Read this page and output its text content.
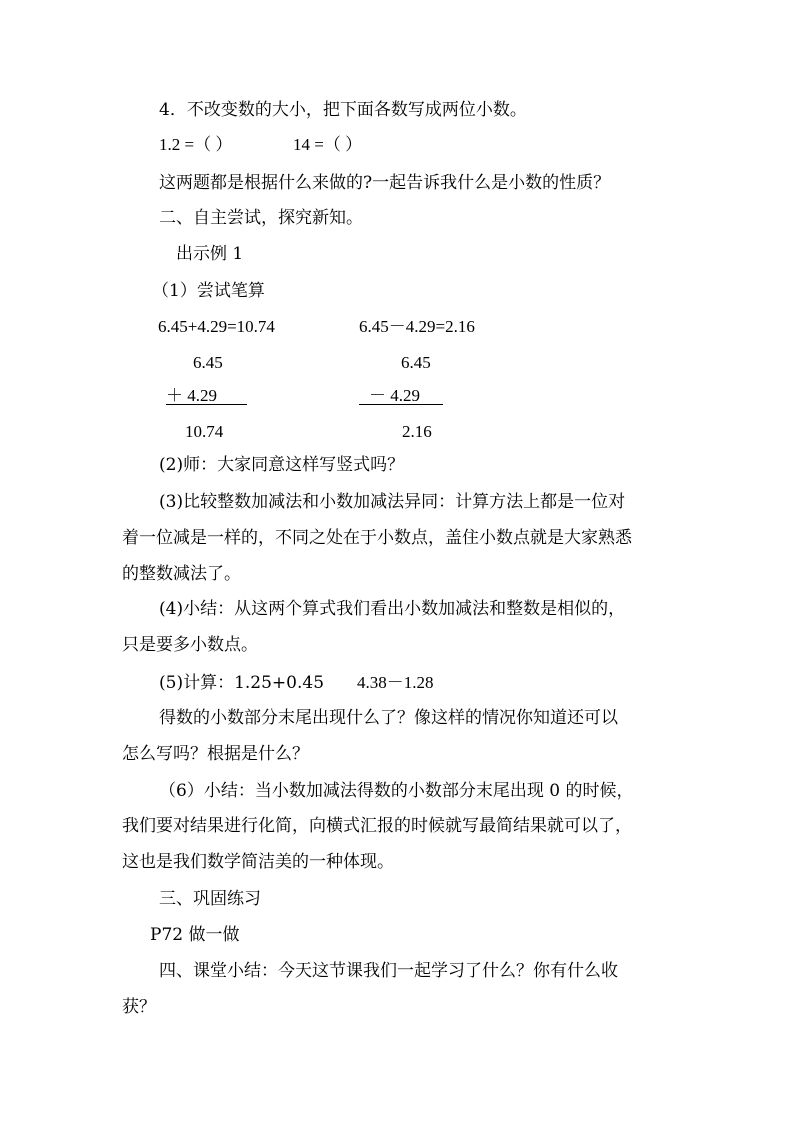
4．不改变数的大小，把下面各数写成两位小数。
1.2 =（ ）	14 =（ ）
这两题都是根据什么来做的?一起告诉我什么是小数的性质？
二、自主尝试，探究新知。
出示例 1
（1）尝试笔算
6.45+4.29=10.74	6.45－4.29=2.16
6.45	6.45
＋ 4.29	－ 4.29
10.74	2.16
(2)师：大家同意这样写竖式吗？
(3)比较整数加减法和小数加减法异同：计算方法上都是一位对
着一位减是一样的，不同之处在于小数点，盖住小数点就是大家熟悉
的整数减法了。
(4)小结：从这两个算式我们看出小数加减法和整数是相似的，
只是要多小数点。
(5)计算：1.25+0.45 4.38－1.28
得数的小数部分末尾出现什么了？像这样的情况你知道还可以
怎么写吗？根据是什么？
（6）小结：当小数加减法得数的小数部分末尾出现 0 的时候，
我们要对结果进行化简，向横式汇报的时候就写最简结果就可以了，
这也是我们数学简洁美的一种体现。
三、巩固练习
P72 做一做
四、课堂小结：今天这节课我们一起学习了什么？你有什么收
获？
